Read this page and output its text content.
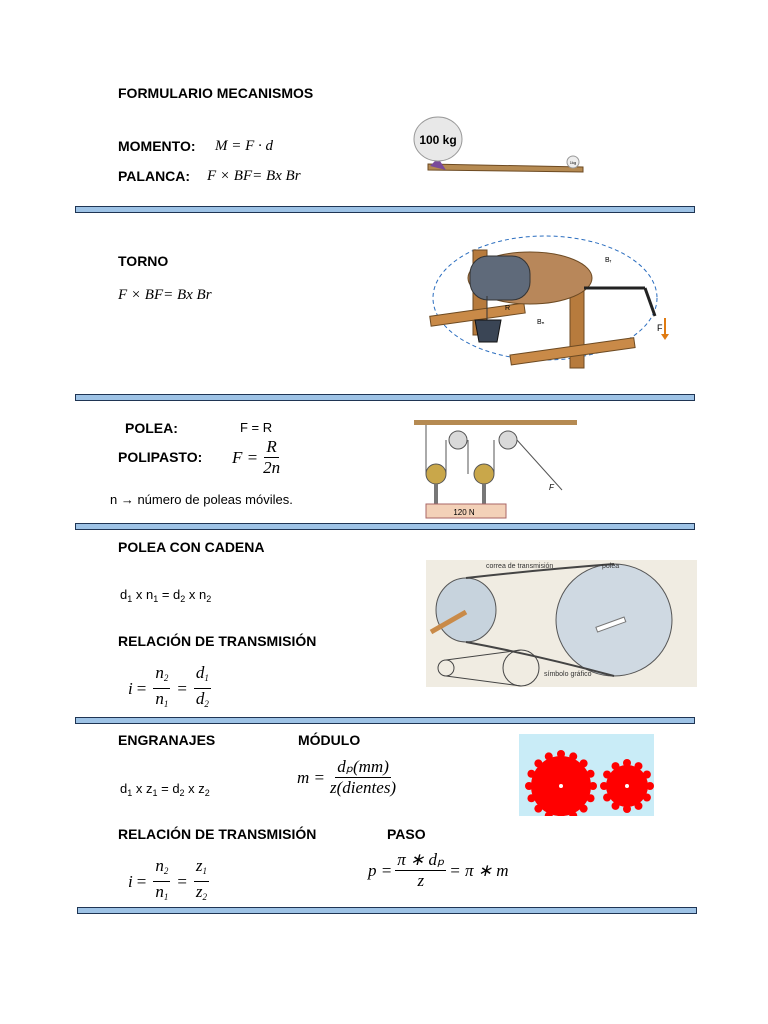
FORMULARIO MECANISMOS
MOMENTO: M = F · d
PALANCA: F × BF= Bx Br
100 kg
1kg
TORNO
F × BF= Bx Br
F
R
Bᵣ
Bₙ
POLEA:	F = R
POLIPASTO: $F = \frac{R}{2n}$
n → número de poleas móviles.
120 N
F
POLEA CON CADENA
$d_1$ x $n_1 = d_2$ x $n_2$
correa de transmisión	polea
símbolo gráfico
RELACIÓN DE TRANSMISIÓN
$i = \frac{n_2}{n_1} = \frac{d_1}{d_2}$
ENGRANAJES	MÓDULO
$d_1$ x $z_1 = d_2$ x $z_2$
$m = \frac{\text{dₚ(mm)}}{\text{z(dientes)}}$
RELACIÓN DE TRANSMISIÓN	PASO
$i = \frac{n_2}{n_1} = \frac{z_1}{z_2}$	$p = \frac{\text{π ∗ dₚ}}{z} = \pi$ ∗ m
